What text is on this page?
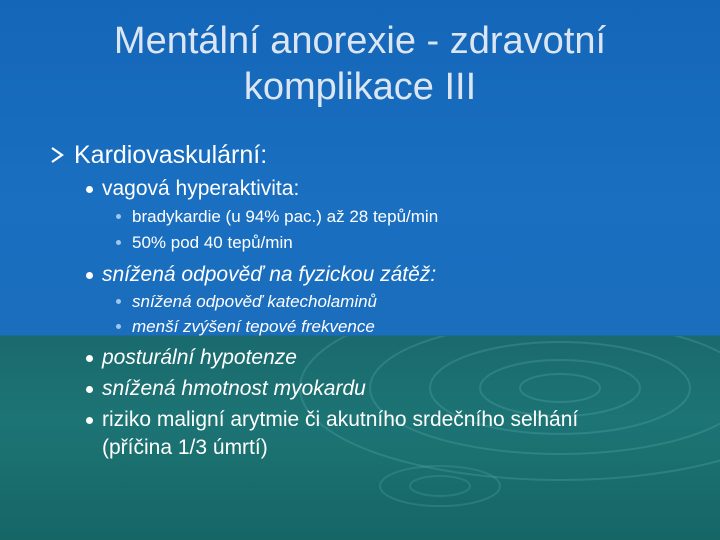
Mentální anorexie - zdravotní
komplikace III
Kardiovaskulární:
vagová hyperaktivita:
bradykardie (u 94% pac.) až 28 tepů/min
50% pod 40 tepů/min
snížená odpověď na fyzickou zátěž:
snížená odpověď katecholaminů
menší zvýšení tepové frekvence
posturální hypotenze
snížená hmotnost myokardu
riziko maligní arytmie či akutního srdečního selhání
(příčina 1/3 úmrtí)
